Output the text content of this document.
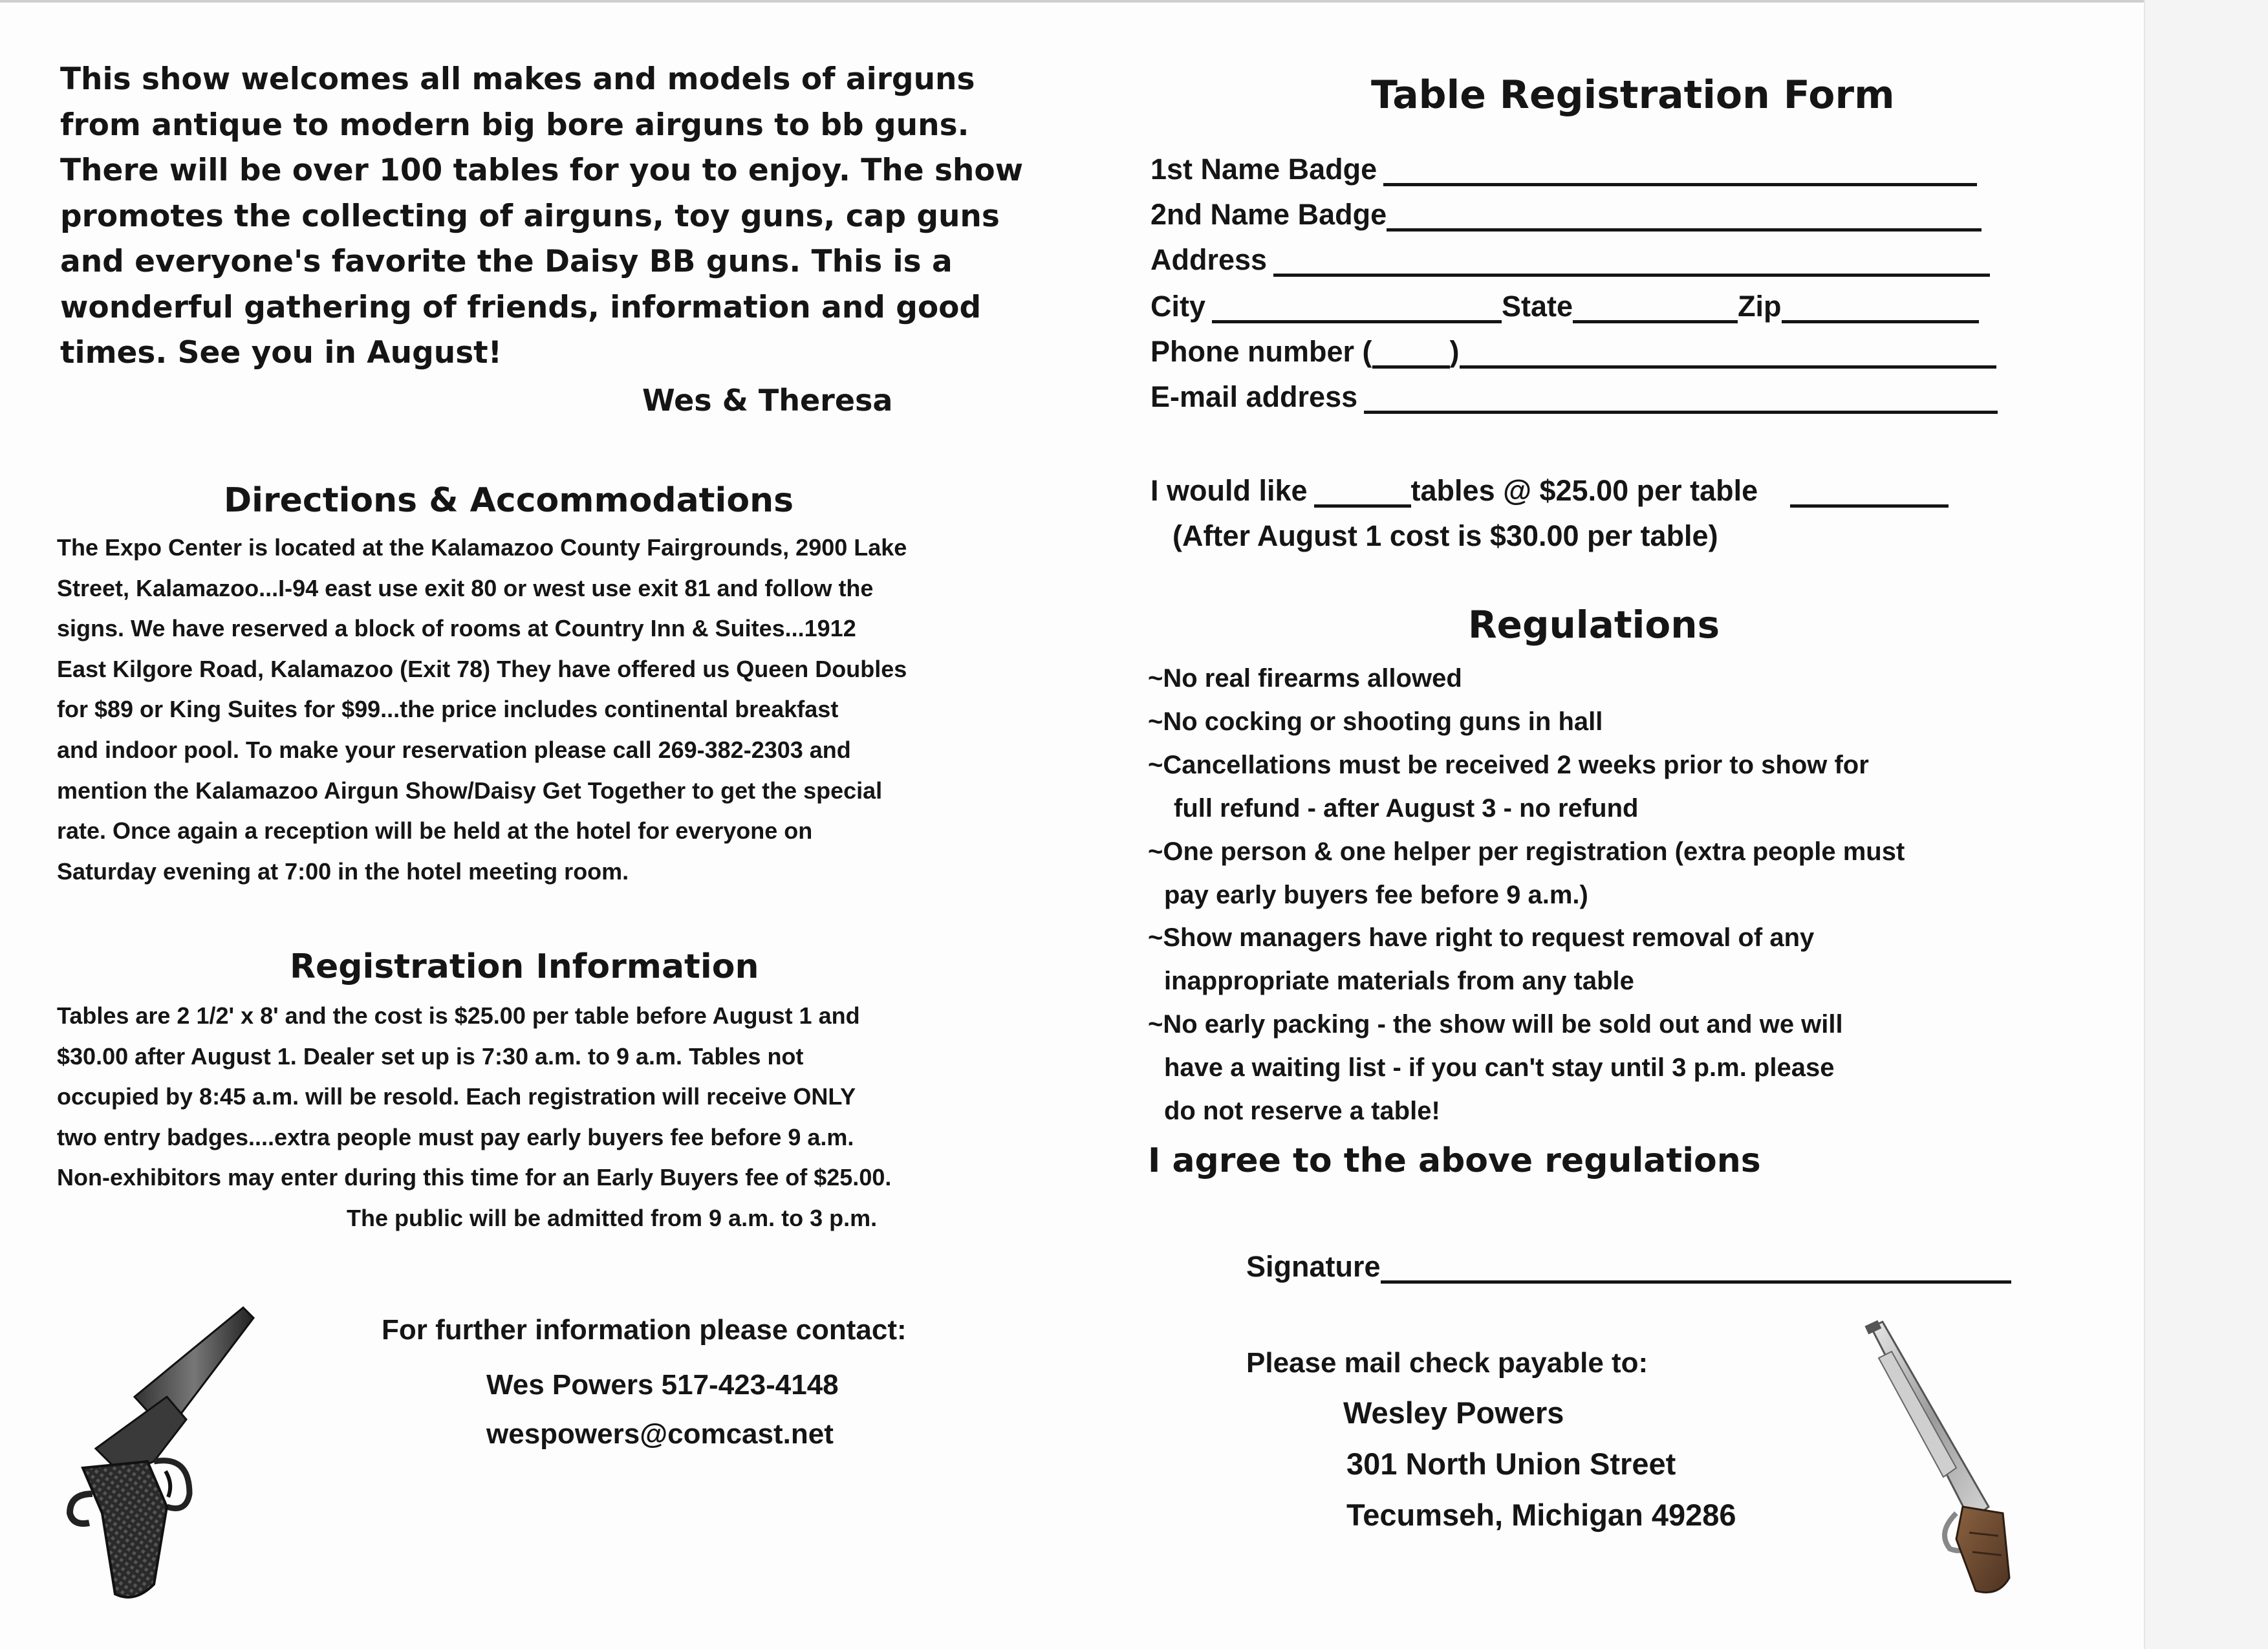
This show welcomes all makes and models of airguns

from antique to modern big bore airguns to bb guns.

There will be over 100 tables for you to enjoy. The show

promotes the collecting of airguns, toy guns, cap guns

and everyone's favorite the Daisy BB guns. This is a

wonderful gathering of friends, information and good

times. See you in August!

Wes & Theresa
Directions & Accommodations

The Expo Center is located at the Kalamazoo County Fairgrounds, 2900 Lake

Street, Kalamazoo...I-94 east use exit 80 or west use exit 81 and follow the

signs. We have reserved a block of rooms at Country Inn & Suites...1912

East Kilgore Road, Kalamazoo (Exit 78) They have offered us Queen Doubles

for $89 or King Suites for $99...the price includes continental breakfast

and indoor pool. To make your reservation please call 269-382-2303 and

mention the Kalamazoo Airgun Show/Daisy Get Together to get the special

rate. Once again a reception will be held at the hotel for everyone on

Saturday evening at 7:00 in the hotel meeting room.

Registration Information

Tables are 2 1/2' x 8' and the cost is $25.00 per table before August 1 and

$30.00 after August 1. Dealer set up is 7:30 a.m. to 9 a.m. Tables not

occupied by 8:45 a.m. will be resold. Each registration will receive ONLY

two entry badges....extra people must pay early buyers fee before 9 a.m.

Non-exhibitors may enter during this time for an Early Buyers fee of $25.00.

The public will be admitted from 9 a.m. to 3 p.m.

For further information please contact:
Wes Powers 517-423-4148
wespowers@comcast.net
Table Registration Form
1st Name Badge
2nd Name Badge
Address
City	State	Zip
Phone number (	)
E-mail address
I would like	tables @ $25.00 per table
(After August 1 cost is $30.00 per table)
Regulations
~No real firearms allowed
~No cocking or shooting guns in hall
~Cancellations must be received 2 weeks prior to show for
full refund - after August 3 - no refund
~One person & one helper per registration (extra people must
pay early buyers fee before 9 a.m.)
~Show managers have right to request removal of any
inappropriate materials from any table
~No early packing - the show will be sold out and we will
have a waiting list - if you can't stay until 3 p.m. please
do not reserve a table!
I agree to the above regulations
Signature
Please mail check payable to:
Wesley Powers
301 North Union Street
Tecumseh, Michigan 49286
